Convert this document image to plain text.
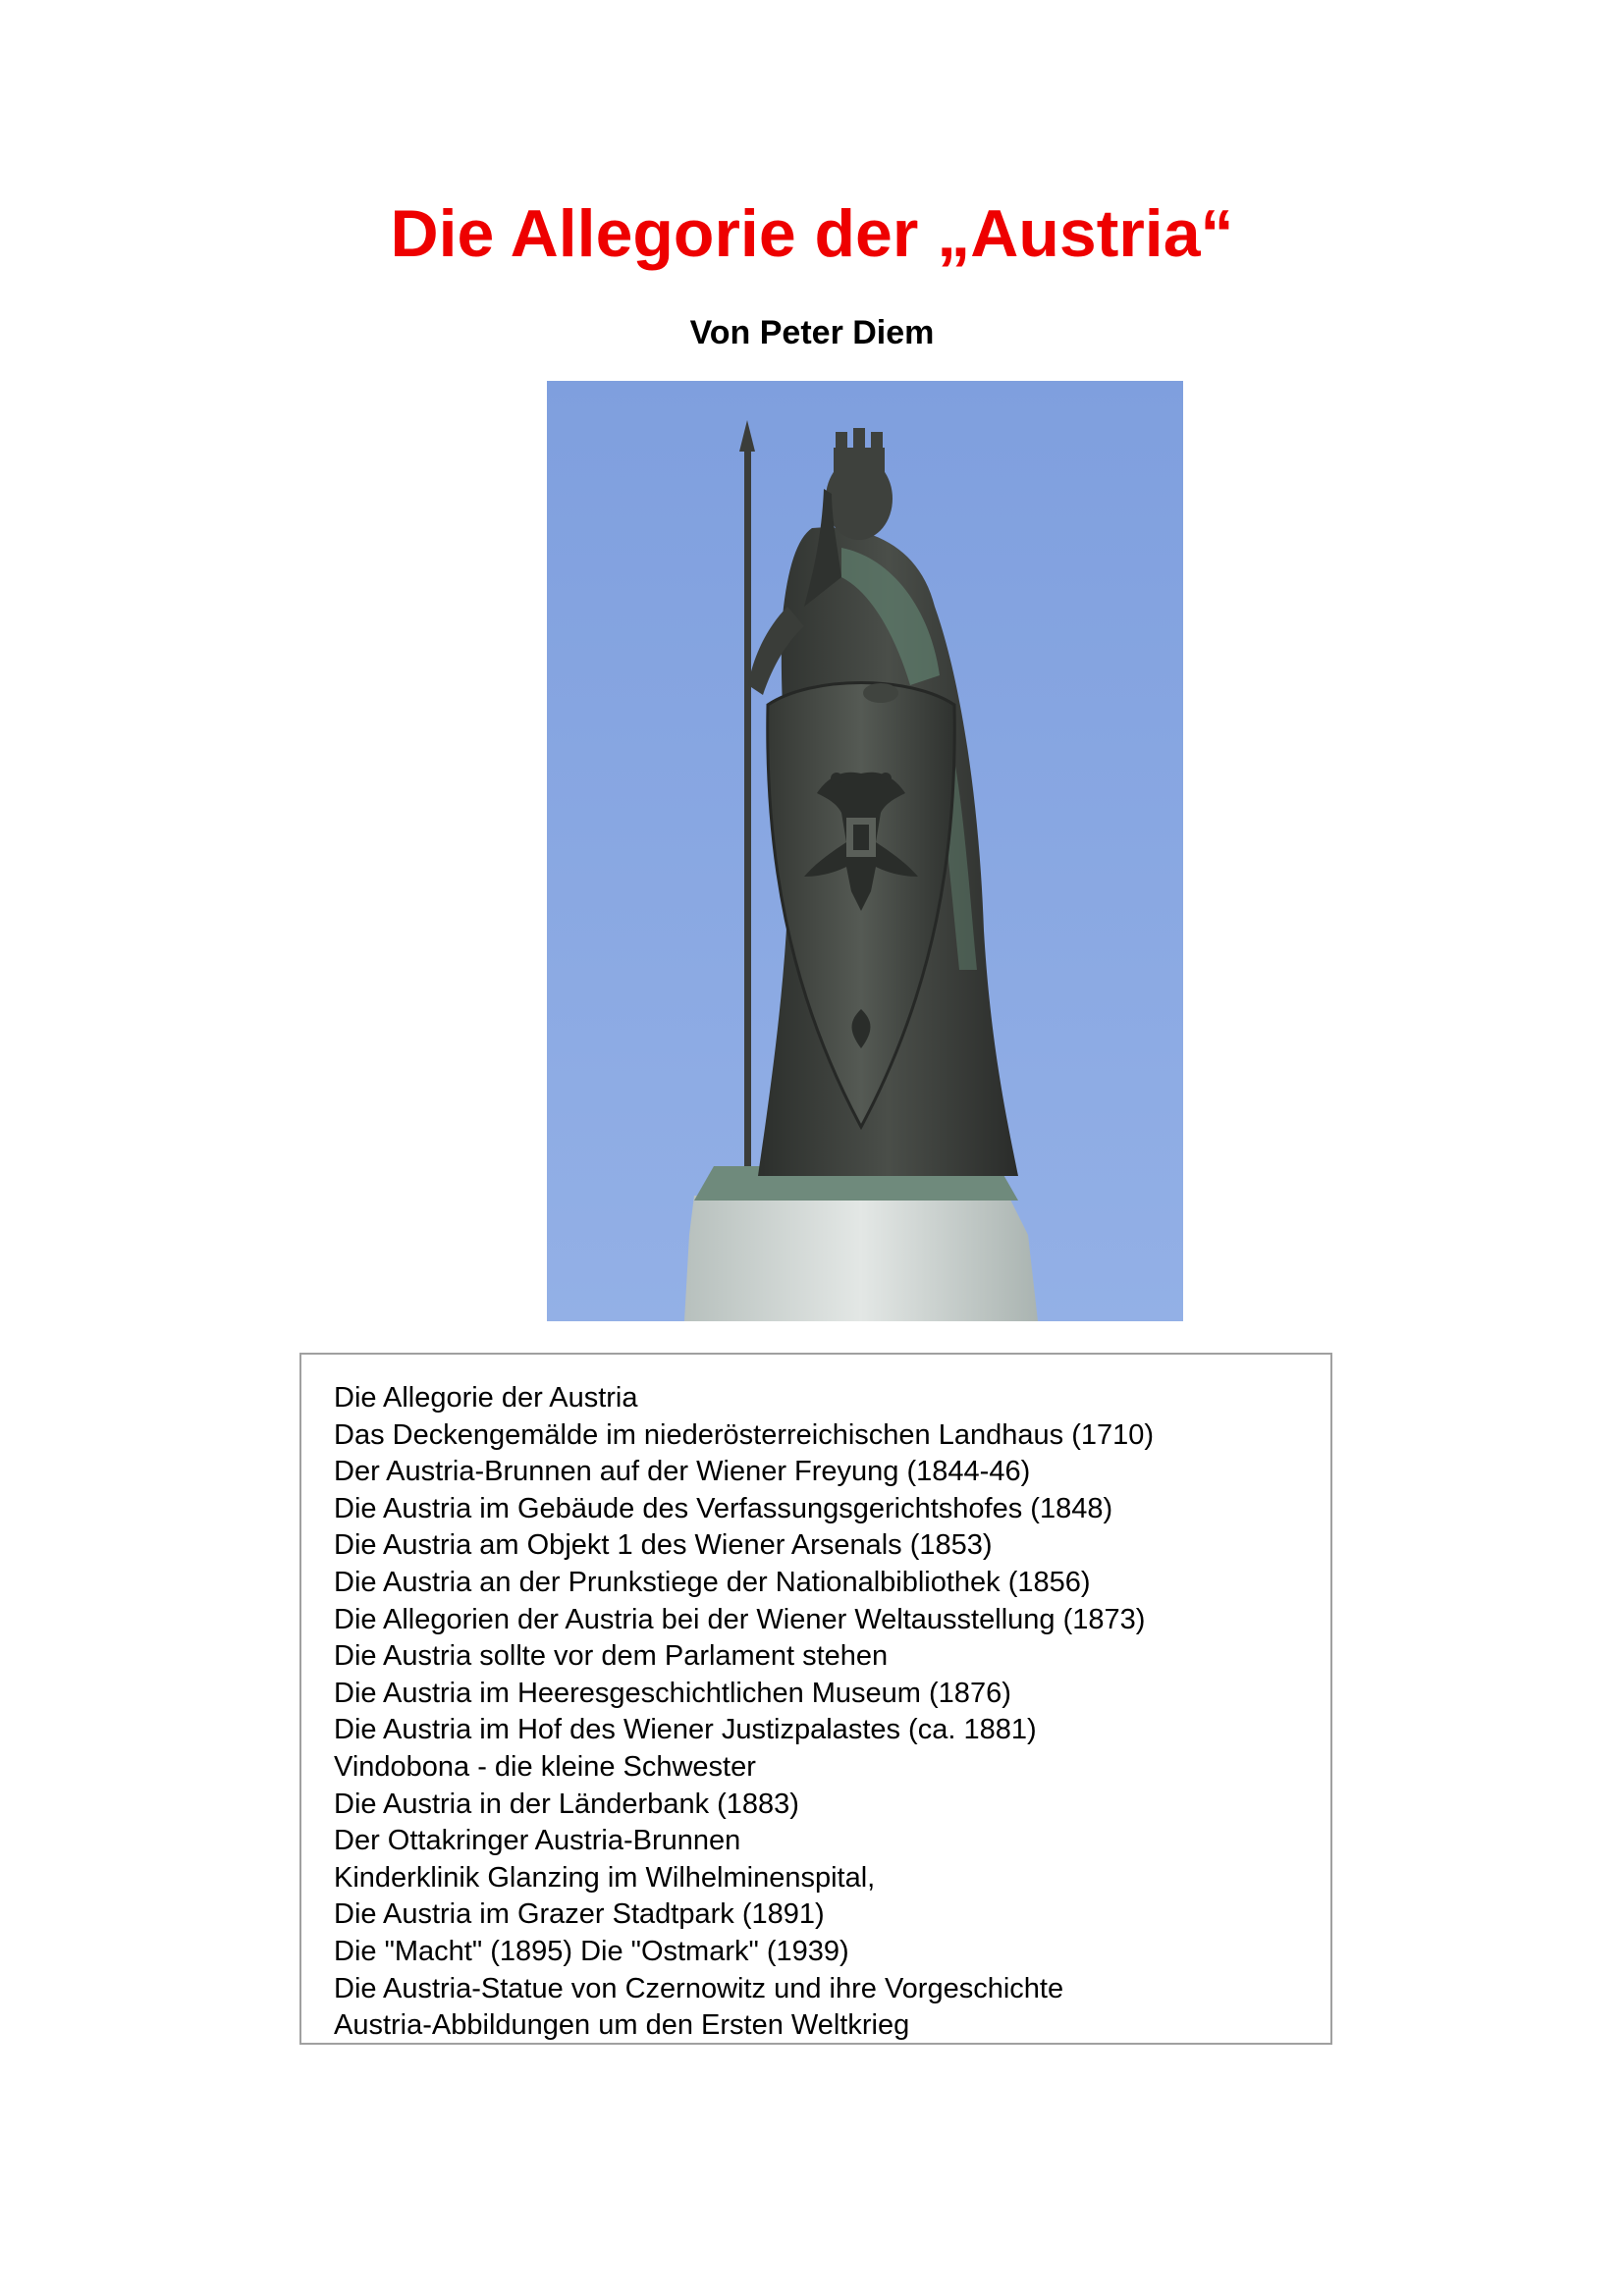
Die Allegorie der „Austria“
Von Peter Diem
Die Allegorie der Austria
Das Deckengemälde im niederösterreichischen Landhaus (1710)
Der Austria-Brunnen auf der Wiener Freyung (1844-46)
Die Austria im Gebäude des Verfassungsgerichtshofes (1848)
Die Austria am Objekt 1 des Wiener Arsenals (1853)
Die Austria an der Prunkstiege der Nationalbibliothek (1856)
Die Allegorien der Austria bei der Wiener Weltausstellung (1873)
Die Austria sollte vor dem Parlament stehen
Die Austria im Heeresgeschichtlichen Museum (1876)
Die Austria im Hof des Wiener Justizpalastes (ca. 1881)
Vindobona - die kleine Schwester
Die Austria in der Länderbank (1883)
Der Ottakringer Austria-Brunnen
Kinderklinik Glanzing im Wilhelminenspital,
Die Austria im Grazer Stadtpark (1891)
Die "Macht" (1895) Die "Ostmark" (1939)
Die Austria-Statue von Czernowitz und ihre Vorgeschichte
Austria-Abbildungen um den Ersten Weltkrieg
